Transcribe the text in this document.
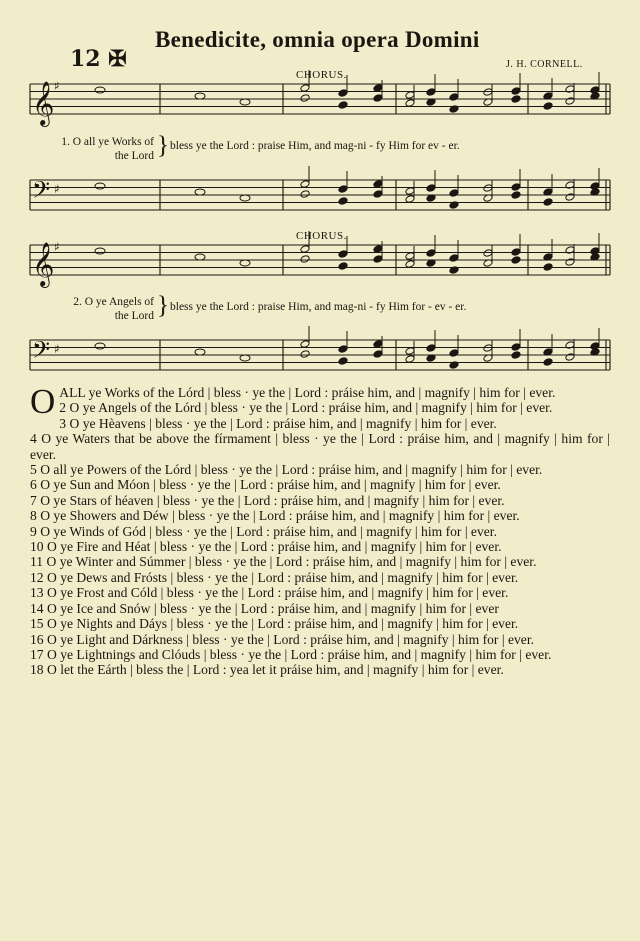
12 ✠
Benedicite, omnia opera Domini
J. H. CORNELL.
𝄞 ♯
𝄢 ♯
𝄞 ♯
𝄢 ♯
CHORUS.
1. O all ye Works of
the Lord } bless ye the Lord : praise Him, and mag-ni - fy Him for ev - er.
CHORUS.
2. O ye Angels of
the Lord } bless ye the Lord : praise Him, and mag-ni - fy Him for - ev - er.

OALL ye Works of the Lórd | bless · ye the | Lord : práise him, and | magnify | him for | ever.

2 O ye Angels of the Lórd | bless · ye the | Lord : práise him, and | magnify | him for | ever.

3 O ye Hèavens | bless · ye the | Lord : práise him, and | magnify | him for | ever.

4 O ye Waters that be above the fírmament | bless · ye the | Lord : práise him, and | magnify | him for | ever.

5 O all ye Powers of the Lórd | bless · ye the | Lord : práise him, and | magnify | him for | ever.

6 O ye Sun and Móon | bless · ye the | Lord : práise him, and | magnify | him for | ever.

7 O ye Stars of héaven | bless · ye the | Lord : práise him, and | magnify | him for | ever.

8 O ye Showers and Déw | bless · ye the | Lord : práise him, and | magnify | him for | ever.

9 O ye Winds of Gód | bless · ye the | Lord : práise him, and | magnify | him for | ever.

10 O ye Fire and Héat | bless · ye the | Lord : práise him, and | magnify | him for | ever.

11 O ye Winter and Súmmer | bless · ye the | Lord : práise him, and | magnify | him for | ever.

12 O ye Dews and Frósts | bless · ye the | Lord : práise him, and | magnify | him for | ever.

13 O ye Frost and Cóld | bless · ye the | Lord : práise him, and | magnify | him for | ever.

14 O ye Ice and Snów | bless · ye the | Lord : práise him, and | magnify | him for | ever

15 O ye Nights and Dáys | bless · ye the | Lord : práise him, and | magnify | him for | ever.

16 O ye Light and Dárkness | bless · ye the | Lord : práise him, and | magnify | him for | ever.

17 O ye Lightnings and Clóuds | bless · ye the | Lord : práise him, and | magnify | him for | ever.

18 O let the Eárth | bless the | Lord : yea let it práise him, and | magnify | him for | ever.
